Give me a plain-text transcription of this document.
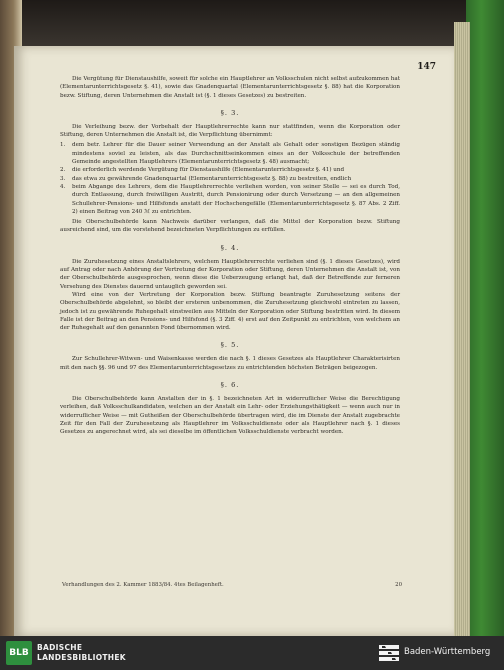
147

Die Vergütung für Dienstaushilfe, soweit für solche ein Hauptlehrer an Volksschulen nicht selbst aufzukommen hat (Elementarunterrichtsgesetz §. 41), sowie das Gnadenquartal (Elementarunterrichtsgesetz §. 88) hat die Korporation bezw. Stiftung, deren Unternehmen die Anstalt ist (§. 1 dieses Gesetzes) zu bestreiten.

§. 3.

Die Verleihung bezw. der Vorbehalt der Hauptlehrerrechte kann nur stattfinden, wenn die Korporation oder Stiftung, deren Unternehmen die Anstalt ist, die Verpflichtung übernimmt:

1.	dem betr. Lehrer für die Dauer seiner Verwendung an der Anstalt als Gehalt oder sonstigen Bezügen ständig mindestens soviel zu leisten, als das Durchschnittseinkommen eines an der Volksschule der betreffenden Gemeinde angestellten Hauptlehrers (Elementarunterrichtsgesetz §. 48) ausmacht;
2.	die erforderlich werdende Vergütung für Dienstaushilfe (Elementarunterrichtsgesetz §. 41) und
3.	das etwa zu gewährende Gnadenquartal (Elementarunterrichtsgesetz §. 88) zu bestreiten, endlich
4.	beim Abgange des Lehrers, dem die Hauptlehrerrechte verliehen worden, von seiner Stelle — sei es durch Tod, durch Entlassung, durch freiwilligen Austritt, durch Pensionirung oder durch Versetzung — an den allgemeinen Schullehrer-Pensions- und Hilfsfonds anstatt der Hochschengefälle (Elementarunterrichtsgesetz §. 87 Abs. 2 Ziff. 2) einen Beitrag von 240 ℳ zu entrichten.

Die Oberschulbehörde kann Nachweis darüber verlangen, daß die Mittel der Korporation bezw. Stiftung ausreichend sind, um die vorstehend bezeichneten Verpflichtungen zu erfüllen.

§. 4.

Die Zuruhesetzung eines Anstaltslehrers, welchem Hauptlehrerrechte verliehen sind (§. 1 dieses Gesetzes), wird auf Antrag oder nach Anhörung der Vertretung der Korporation oder Stiftung, deren Unternehmen die Anstalt ist, von der Oberschulbehörde ausgesprochen, wenn diese die Ueberzeugung erlangt hat, daß der Betreffende zur ferneren Versehung des Dienstes dauernd untauglich geworden sei.

Wird eine von der Vertretung der Korporation bezw. Stiftung beantragte Zuruhesetzung seitens der Oberschulbehörde abgelehnt, so bleibt der ersteren unbenommen, die Zuruhesetzung gleichwohl eintreten zu lassen, jedoch ist zu gewährende Ruhegehalt einstweilen aus Mitteln der Korporation oder Stiftung bestritten wird. In diesem Falle ist der Beitrag an den Pensions- und Hilfsfond (§. 3 Ziff. 4) erst auf den Zeitpunkt zu entrichten, von welchem an der Ruhegehalt auf den genannten Fond übernommen wird.

§. 5.

Zur Schullehrer-Witwen- und Waisenkasse werden die nach §. 1 dieses Gesetzes als Hauptlehrer Charakterisirten mit den nach §§. 96 und 97 des Elementarunterrichtsgesetzes zu entrichtenden höchsten Beträgen beigezogen.

§. 6.

Die Oberschulbehörde kann Anstalten der in §. 1 bezeichneten Art in widerruflicher Weise die Berechtigung verleihen, daß Volksschulkandidaten, welchen an der Anstalt ein Lehr- oder Erziehungsthätigkeit — wenn auch nur in widerruflicher Weise — mit Gutheißen der Oberschulbehörde übertragen wird, die im Dienste der Anstalt zugebrachte Zeit für den Fall der Zuruhesetzung als Hauptlehrer im Volksschuldienste oder als Hauptlehrer nach §. 1 dieses Gesetzes zu angerechnet wird, als sei dieselbe im öffentlichen Volksschuldienste verbracht worden.

Verhandlungen des 2. Kammer 1883/84. 4tes Beilagenheft.	20
BLB
BADISCHE
LANDESBIBLIOTHEK	Baden-Württemberg
